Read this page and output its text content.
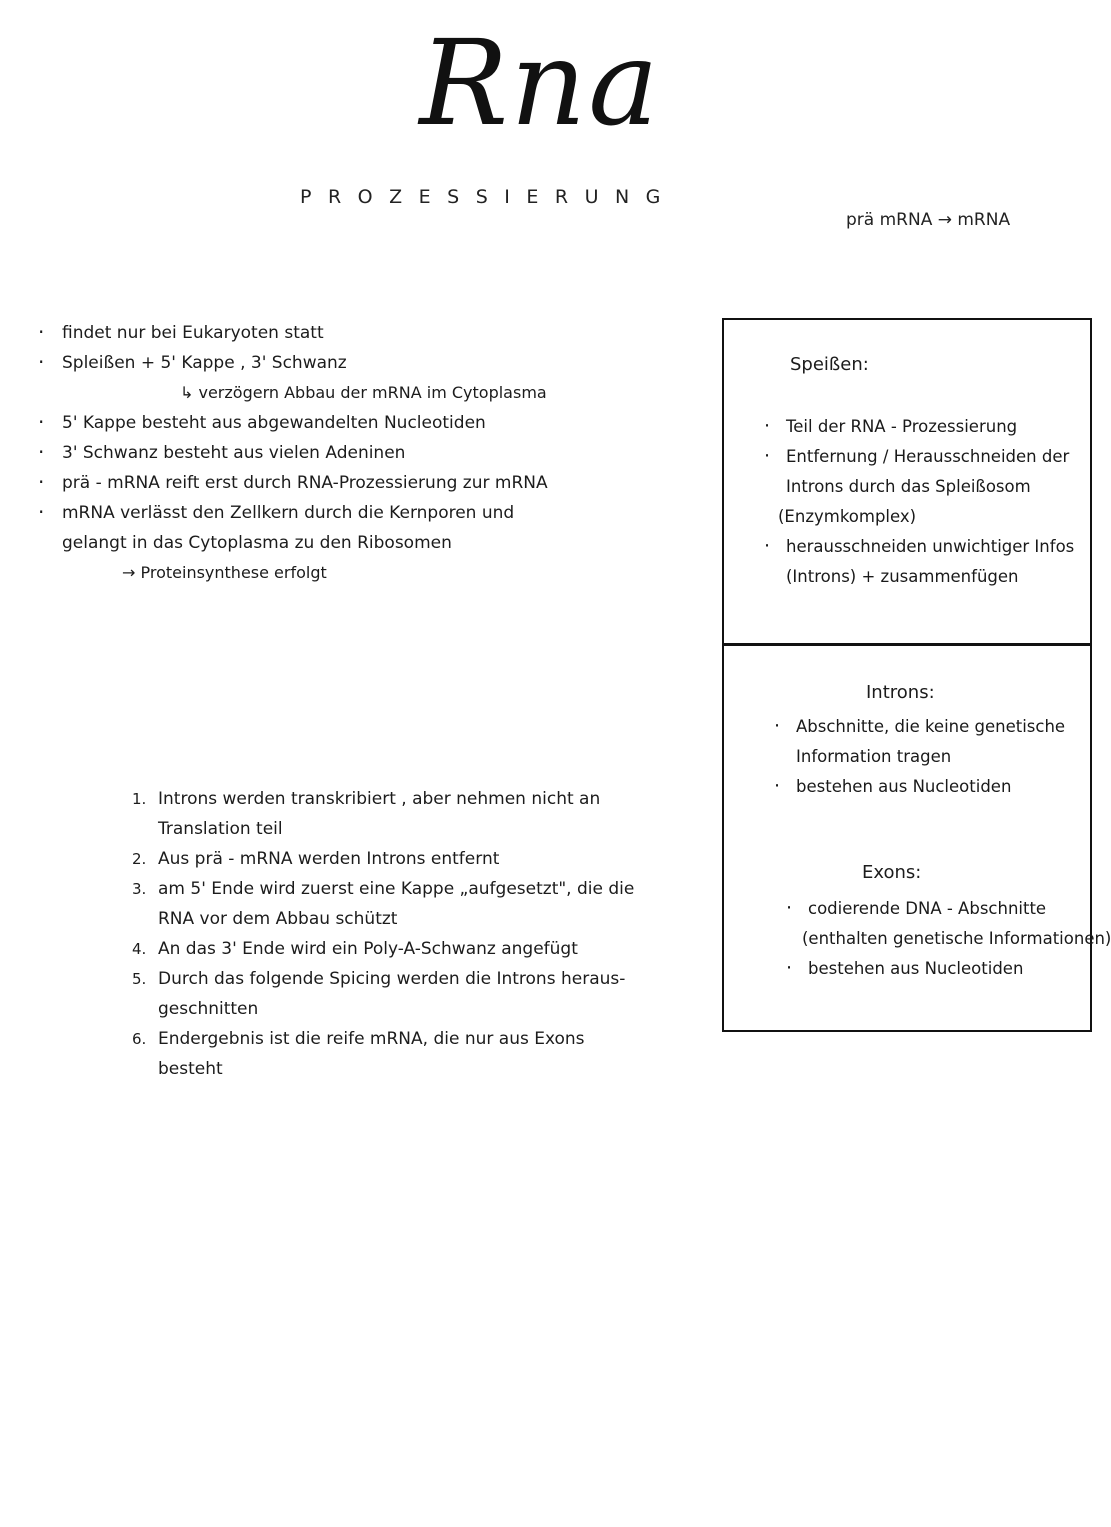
Rna
PROZESSIERUNG
prä mRNA → mRNA
· findet nur bei Eukaryoten statt
· Spleißen + 5' Kappe , 3' Schwanz
↳ verzögern Abbau der mRNA im Cytoplasma
· 5' Kappe besteht aus abgewandelten Nucleotiden
· 3' Schwanz besteht aus vielen Adeninen
· prä - mRNA reift erst durch RNA-Prozessierung zur mRNA
· mRNA verlässt den Zellkern durch die Kernporen und
gelangt in das Cytoplasma zu den Ribosomen
→ Proteinsynthese erfolgt
1. Introns werden transkribiert , aber nehmen nicht an Translation teil
2. Aus prä - mRNA werden Introns entfernt
3. am 5' Ende wird zuerst eine Kappe „aufgesetzt", die die RNA vor dem Abbau schützt
4. An das 3' Ende wird ein Poly-A-Schwanz angefügt
5. Durch das folgende Spicing werden die Introns heraus- geschnitten
6. Endergebnis ist die reife mRNA, die nur aus Exons besteht
Speißen:
· Teil der RNA - Prozessierung
· Entfernung / Herausschneiden der
Introns durch das Spleißosom
(Enzymkomplex)
· herausschneiden unwichtiger Infos
(Introns) + zusammenfügen
Introns:
· Abschnitte, die keine genetische
Information tragen
· bestehen aus Nucleotiden
Exons:
· codierende DNA - Abschnitte
(enthalten genetische Informationen)
· bestehen aus Nucleotiden
